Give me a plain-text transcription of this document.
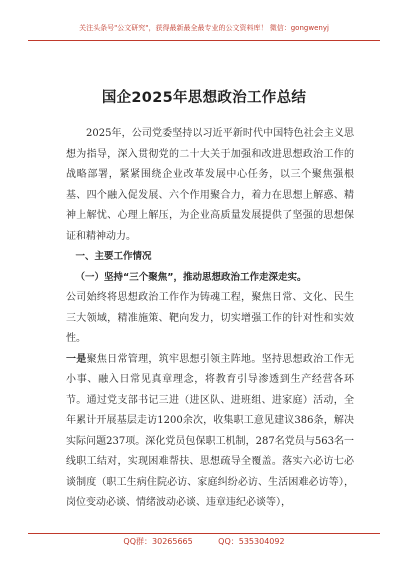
关注头条号"公文研究"，获得最新最全最专业的公文资料库！ 微信：gongwenyj
国企2025年思想政治工作总结

2025年，公司党委坚持以习近平新时代中国特色社会主义思想为指导，深入贯彻党的二十大关于加强和改进思想政治工作的战略部署，紧紧围绕企业改革发展中心任务，以三个聚焦强根基、四个融入促发展、六个作用聚合力，着力在思想上解惑、精神上解忧、心理上解压，为企业高质量发展提供了坚强的思想保证和精神动力。

一、主要工作情况

（一）坚持“三个聚焦”，推动思想政治工作走深走实。

公司始终将思想政治工作作为铸魂工程，聚焦日常、文化、民生三大领域，精准施策、靶向发力，切实增强工作的针对性和实效性。

一是聚焦日常管理，筑牢思想引领主阵地。坚持思想政治工作无小事、融入日常见真章理念，将教育引导渗透到生产经营各环节。通过党支部书记三进（进区队、进班组、进家庭）活动，全年累计开展基层走访1200余次，收集职工意见建议386条，解决实际问题237项。深化党员包保职工机制，287名党员与563名一线职工结对，实现困难帮扶、思想疏导全覆盖。落实六必访七必谈制度（职工生病住院必访、家庭纠纷必访、生活困难必访等），岗位变动必谈、情绪波动必谈、违章违纪必谈等），

QQ群：30265665          QQ：535304092
